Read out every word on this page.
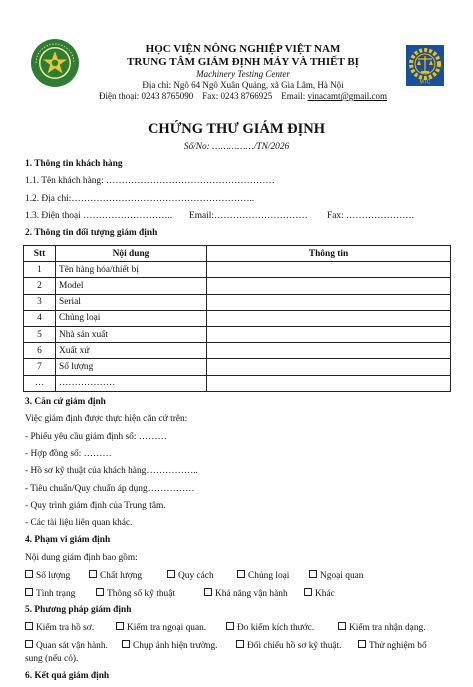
MTC
HỌC VIỆN NÔNG NGHIỆP VIỆT NAM
TRUNG TÂM GIÁM ĐỊNH MÁY VÀ THIẾT BỊ
Machinery Testing Center
Địa chỉ: Ngõ 64 Ngô Xuân Quảng, xã Gia Lâm, Hà Nội
Điện thoại: 0243 8765090 Fax: 0243 8766925 Email: vinacamt@gmail.com
CHỨNG THƯ GIÁM ĐỊNH
Số/No: ……………/TN/2026
1. Thông tin khách hàng
1.1. Tên khách hàng: ………………………………………………
1.2. Địa chỉ:…………………………………………………..
1.3. Điện thoại ……………………….. Email:………………………… Fax: ………………….
2. Thông tin đối tượng giám định
Stt	Nội dung	Thông tin
1	Tên hàng hóa/thiết bị	
2	Model	
3	Serial	
4	Chủng loại	
5	Nhà sản xuất	
6	Xuất xứ	
7	Số lượng	
…	………………	
3. Căn cứ giám định
Việc giám định được thực hiện căn cứ trên:
- Phiếu yêu cầu giám định số: ………
- Hợp đồng số: ………
- Hồ sơ kỹ thuật của khách hàng……………..
- Tiêu chuẩn/Quy chuẩn áp dụng……………
- Quy trình giám định của Trung tâm.
- Các tài liệu liên quan khác.
4. Phạm vi giám định
Nội dung giám định bao gồm:
Số lượng	Chất lượng	Quy cách	Chủng loại	Ngoại quan
Tình trạng	Thông số kỹ thuật	Khả năng vận hành	Khác
5. Phương pháp giám định
Kiểm tra hồ sơ.	Kiểm tra ngoại quan.	Đo kiểm kích thước.	Kiểm tra nhận dạng.
Quan sát vận hành.	Chụp ảnh hiện trường.	Đối chiếu hồ sơ kỹ thuật.	Thử nghiệm bổ
sung (nếu có).
6. Kết quả giám định
